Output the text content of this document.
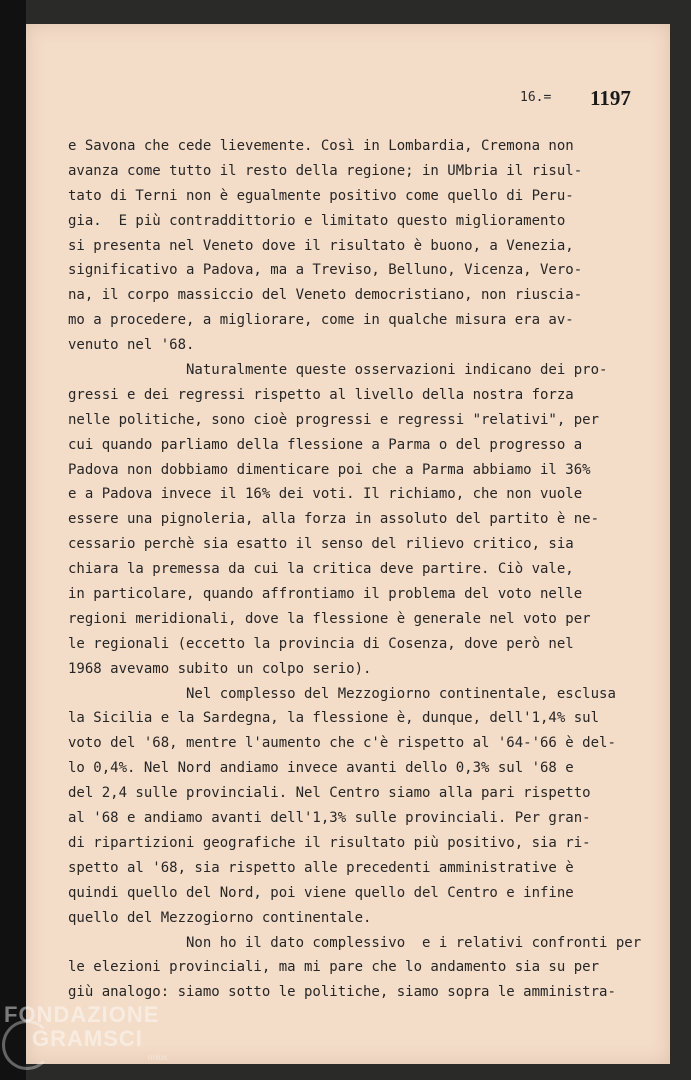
16.= 1197
e Savona che cede lievemente. Così in Lombardia, Cremona non
avanza come tutto il resto della regione; in UMbria il risul-
tato di Terni non è egualmente positivo come quello di Peru-
gia.  E più contraddittorio e limitato questo miglioramento
si presenta nel Veneto dove il risultato è buono, a Venezia,
significativo a Padova, ma a Treviso, Belluno, Vicenza, Vero-
na, il corpo massiccio del Veneto democristiano, non riuscia-
mo a procedere, a migliorare, come in qualche misura era av-
venuto nel '68.
Naturalmente queste osservazioni indicano dei pro-
gressi e dei regressi rispetto al livello della nostra forza
nelle politiche, sono cioè progressi e regressi "relativi", per
cui quando parliamo della flessione a Parma o del progresso a
Padova non dobbiamo dimenticare poi che a Parma abbiamo il 36%
e a Padova invece il 16% dei voti. Il richiamo, che non vuole
essere una pignoleria, alla forza in assoluto del partito è ne-
cessario perchè sia esatto il senso del rilievo critico, sia
chiara la premessa da cui la critica deve partire. Ciò vale,
in particolare, quando affrontiamo il problema del voto nelle
regioni meridionali, dove la flessione è generale nel voto per
le regionali (eccetto la provincia di Cosenza, dove però nel
1968 avevamo subito un colpo serio).
Nel complesso del Mezzogiorno continentale, esclusa
la Sicilia e la Sardegna, la flessione è, dunque, dell'1,4% sul
voto del '68, mentre l'aumento che c'è rispetto al '64-'66 è del-
lo 0,4%. Nel Nord andiamo invece avanti dello 0,3% sul '68 e
del 2,4 sulle provinciali. Nel Centro siamo alla pari rispetto
al '68 e andiamo avanti dell'1,3% sulle provinciali. Per gran-
di ripartizioni geografiche il risultato più positivo, sia ri-
spetto al '68, sia rispetto alle precedenti amministrative è
quindi quello del Nord, poi viene quello del Centro e infine
quello del Mezzogiorno continentale.
Non ho il dato complessivo  e i relativi confronti per
le elezioni provinciali, ma mi pare che lo andamento sia su per
giù analogo: siamo sotto le politiche, siamo sopra le amministra-
FONDAZIONE
GRAMSCI
onlus
